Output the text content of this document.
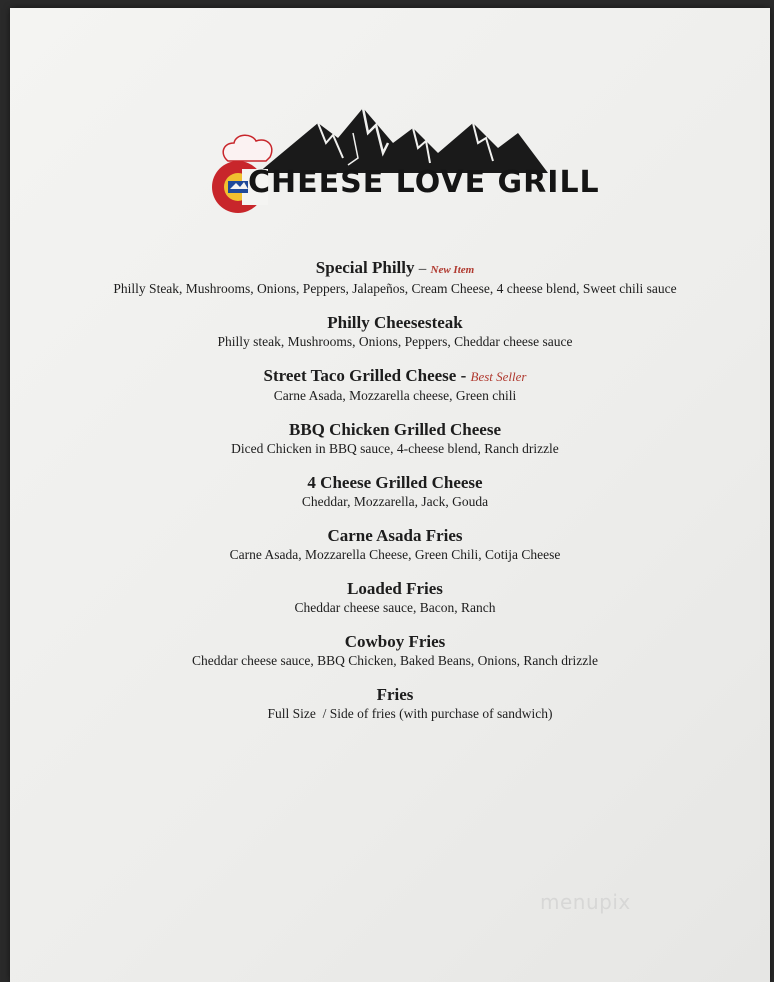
CHEESE LOVE GRILL
Special Philly – New Item
Philly Steak, Mushrooms, Onions, Peppers, Jalapeños, Cream Cheese, 4 cheese blend, Sweet chili sauce
Philly Cheesesteak
Philly steak, Mushrooms, Onions, Peppers, Cheddar cheese sauce
Street Taco Grilled Cheese - Best Seller
Carne Asada, Mozzarella cheese, Green chili
BBQ Chicken Grilled Cheese
Diced Chicken in BBQ sauce, 4-cheese blend, Ranch drizzle
4 Cheese Grilled Cheese
Cheddar, Mozzarella, Jack, Gouda
Carne Asada Fries
Carne Asada, Mozzarella Cheese, Green Chili, Cotija Cheese
Loaded Fries
Cheddar cheese sauce, Bacon, Ranch
Cowboy Fries
Cheddar cheese sauce, BBQ Chicken, Baked Beans, Onions, Ranch drizzle
Fries
Full Size  / Side of fries (with purchase of sandwich)
menupix
